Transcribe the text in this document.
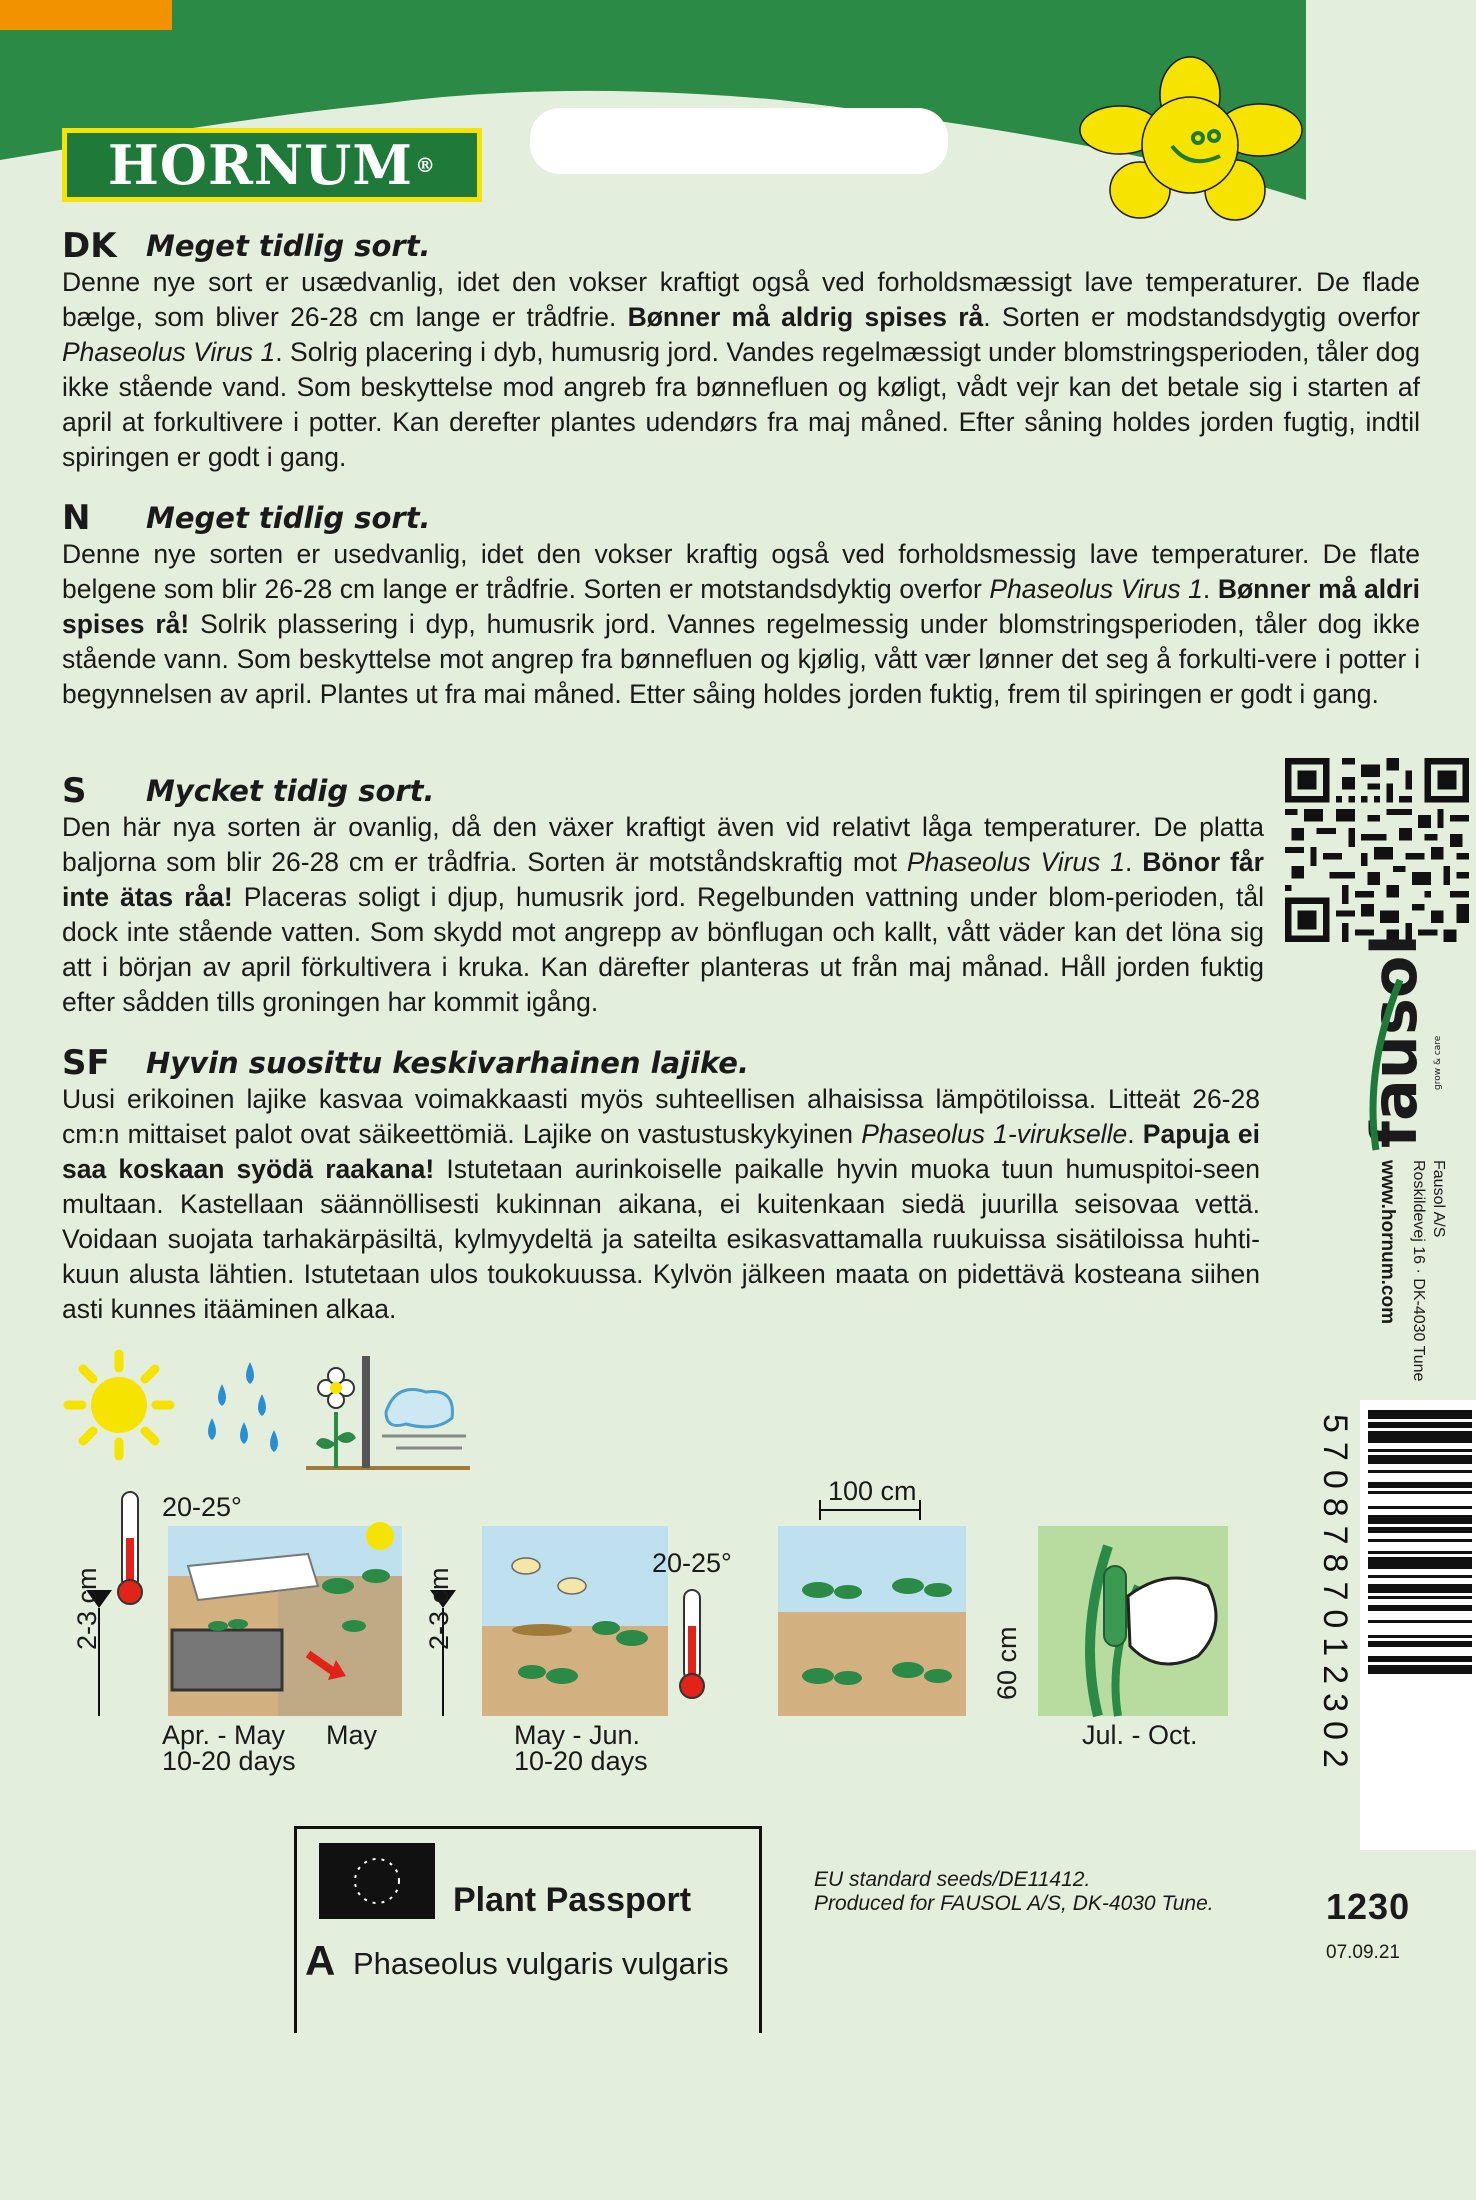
HORNUM ®
DK	Meget tidlig sort.
Denne nye sort er usædvanlig, idet den vokser kraftigt også ved forholdsmæssigt lave temperaturer. De flade bælge, som bliver 26-28 cm lange er trådfrie. Bønner må aldrig spises rå. Sorten er modstandsdygtig overfor Phaseolus Virus 1. Solrig placering i dyb, humusrig jord. Vandes regelmæssigt under blomstringsperioden, tåler dog ikke stående vand. Som beskyttelse mod angreb fra bønnefluen og køligt, vådt vejr kan det betale sig i starten af april at forkultivere i potter. Kan derefter plantes udendørs fra maj måned. Efter såning holdes jorden fugtig, indtil spiringen er godt i gang.
N	Meget tidlig sort.
Denne nye sorten er usedvanlig, idet den vokser kraftig også ved forholdsmessig lave temperaturer. De flate belgene som blir 26-28 cm lange er trådfrie. Sorten er motstandsdyktig overfor Phaseolus Virus 1. Bønner må aldri spises rå! Solrik plassering i dyp, humusrik jord. Vannes regelmessig under blomstringsperioden, tåler dog ikke stående vann. Som beskyttelse mot angrep fra bønnefluen og kjølig, vått vær lønner det seg å forkulti-vere i potter i begynnelsen av april. Plantes ut fra mai måned. Etter såing holdes jorden fuktig, frem til spiringen er godt i gang.
S	Mycket tidig sort.
Den här nya sorten är ovanlig, då den växer kraftigt även vid relativt låga temperaturer. De platta baljorna som blir 26-28 cm er trådfria. Sorten är motståndskraftig mot Phaseolus Virus 1. Bönor får inte ätas råa! Placeras soligt i djup, humusrik jord. Regelbunden vattning under blom-perioden, tål dock inte stående vatten. Som skydd mot angrepp av bönflugan och kallt, vått väder kan det löna sig att i början av april förkultivera i kruka. Kan därefter planteras ut från maj månad. Håll jorden fuktig efter sådden tills groningen har kommit igång.
SF	Hyvin suosittu keskivarhainen lajike.
Uusi erikoinen lajike kasvaa voimakkaasti myös suhteellisen alhaisissa lämpötiloissa. Litteät 26-28 cm:n mittaiset palot ovat säikeettömiä. Lajike on vastustuskykyinen Phaseolus 1-virukselle. Papuja ei saa koskaan syödä raakana! Istutetaan aurinkoiselle paikalle hyvin muoka tuun humuspitoi-seen multaan. Kastellaan säännöllisesti kukinnan aikana, ei kuitenkaan siedä juurilla seisovaa vettä. Voidaan suojata tarhakärpäsiltä, kylmyydeltä ja sateilta esikasvattamalla ruukuissa sisätiloissa huhti-kuun alusta lähtien. Istutetaan ulos toukokuussa. Kylvön jälkeen maata on pidettävä kosteana siihen asti kunnes itääminen alkaa.
fausol grow & care
Fausol A/S
Roskildevej 16 · DK-4030 Tune
www.hornum.com
5708787012302
1230
07.09.21
20-25°
2-3 cm
Apr. - May
10-20 days
May
2-3 cm
20-25°
May - Jun.
10-20 days
100 cm
60 cm
Jul. - Oct.
Plant Passport
A Phaseolus vulgaris vulgaris
EU standard seeds/DE11412.
Produced for FAUSOL A/S, DK-4030 Tune.
